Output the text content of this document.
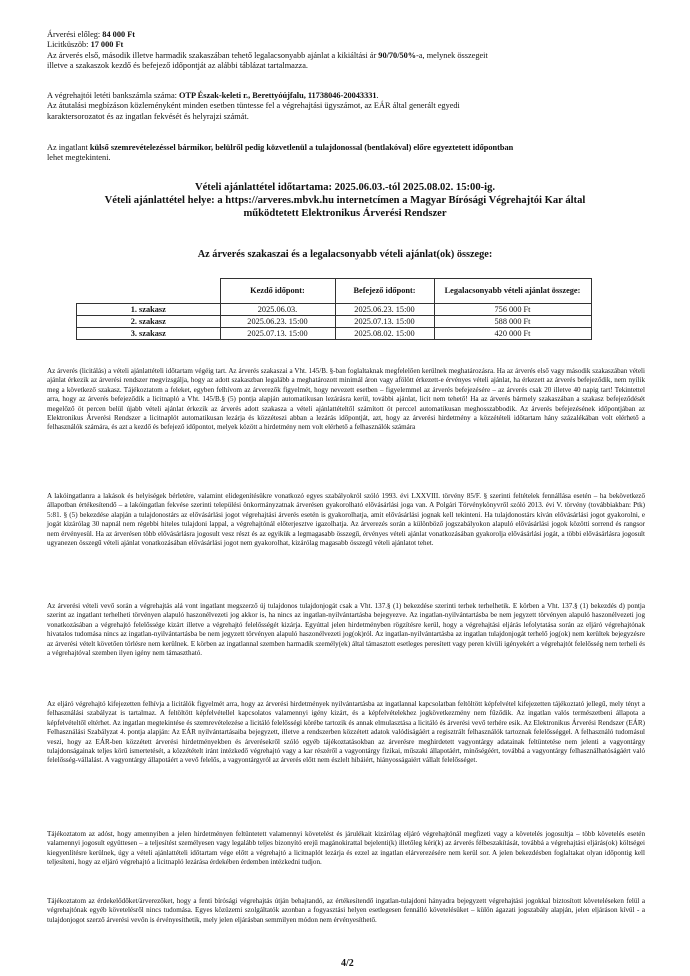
Árverési előleg: 84 000 Ft
Licitküszöb: 17 000 Ft
Az árverés első, második illetve harmadik szakaszában tehető legalacsonyabb ajánlat a kikiáltási ár 90/70/50%-a, melynek összegeit
illetve a szakaszok kezdő és befejező időpontját az alábbi táblázat tartalmazza.
A végrehajtói letéti bankszámla száma: OTP Észak-keleti r., Berettyóújfalu, 11738046-20043331.
Az átutalási megbízáson közleményként minden esetben tüntesse fel a végrehajtási ügyszámot, az EÁR által generált egyedi
karaktersorozatot és az ingatlan fekvését és helyrajzi számát.
Az ingatlant külső szemrevételezéssel bármikor, belülről pedig közvetlenül a tulajdonossal (bentlakóval) előre egyeztetett időpontban
lehet megtekinteni.
Vételi ajánlattétel időtartama: 2025.06.03.-tól 2025.08.02. 15:00-ig.
Vételi ajánlattétel helye: a https://arveres.mbvk.hu internetcímen a Magyar Bírósági Végrehajtói Kar által
működtetett Elektronikus Árverési Rendszer
Az árverés szakaszai és a legalacsonyabb vételi ajánlat(ok) összege:
	Kezdő időpont:	Befejező időpont:	Legalacsonyabb vételi ajánlat összege:
1. szakasz	2025.06.03.	2025.06.23. 15:00	756 000 Ft
2. szakasz	2025.06.23. 15:00	2025.07.13. 15:00	588 000 Ft
3. szakasz	2025.07.13. 15:00	2025.08.02. 15:00	420 000 Ft

Az árverés (licitálás) a vételi ajánlattételi időtartam végéig tart. Az árverés szakaszai a Vht. 145/B. §-ban foglaltaknak megfelelően kerülnek meghatározásra. Ha az árverés első vagy második szakaszában vételi ajánlat érkezik az árverési rendszer megvizsgálja, hogy az adott szakaszban legalább a meghatározott minimál áron vagy afölött érkezett-e érvényes vételi ajánlat, ha érkezett az árverés befejeződik, nem nyílik meg a következő szakasz. Tájékoztatom a feleket, egyben felhívom az árverezők figyelmét, hogy nevezett esetben – figyelemmel az árverés befejezésére – az árverés csak 20 illetve 40 napig tart! Tekintettel arra, hogy az árverés befejeződik a licitnapló a Vht. 145/B.§ (5) pontja alapján automatikusan lezárásra kerül, további ajánlat, licit nem tehető! Ha az árverés bármely szakaszában a szakasz befejeződését megelőző öt percen belül újabb vételi ajánlat érkezik az árverés adott szakasza a vételi ajánlattételtől számított öt perccel automatikusan meghosszabbodik. Az árverés befejezésének időpontjában az Elektronikus Árverési Rendszer a licitnaplót automatikusan lezárja és közzéteszi abban a lezárás időpontját, azt, hogy az árverési hirdetmény a közzétételi időtartam hány százalékában volt elérhető a felhasználók számára, és azt a kezdő és befejező időpontot, melyek között a hirdetmény nem volt elérhető a felhasználók számára

A lakóingatlanra a lakások és helyiségek bérletére, valamint elidegenítésükre vonatkozó egyes szabályokról szóló 1993. évi LXXVIII. törvény 85/F. § szerinti feltételek fennállása esetén – ha bekövetkező állapotban értékesítendő – a lakóingatlan fekvése szerinti települési önkormányzatnak árverésen gyakorolható elővásárlási joga van. A Polgári Törvénykönyvről szóló 2013. évi V. törvény (továbbiakban: Ptk) 5:81. § (5) bekezdése alapján a tulajdonostárs az elővásárlási jogot végrehajtási árverés esetén is gyakorolhatja, amit elővásárlási jognak kell tekinteni. Ha tulajdonostárs kíván elővásárlási jogot gyakorolni, e jogát kizárólag 30 napnál nem régebbi hiteles tulajdoni lappal, a végrehajtónál előterjesztve igazolhatja. Az árverezés során a különböző jogszabályokon alapuló elővásárlási jogok közötti sorrend és rangsor nem érvényesül. Ha az árverésen több elővásárlásra jogosult vesz részt és az egyikük a legmagasabb összegű, érvényes vételi ajánlat vonatkozásában gyakorolja elővásárlási jogát, a többi elővásárlásra jogosult ugyanezen összegű vételi ajánlat vonatkozásában elővásárlási jogot nem gyakorolhat, kizárólag magasabb összegű vételi ajánlatot tehet.

Az árverési vételi vevő során a végrehajtás alá vont ingatlant megszerző új tulajdonos tulajdonjogát csak a Vht. 137.§ (1) bekezdése szerinti terhek terhelhetik. E körben a Vht. 137.§ (1) bekezdés d) pontja szerint az ingatlant terhelheti törvényen alapuló haszonélvezeti jog akkor is, ha nincs az ingatlan-nyilvántartásba bejegyezve. Az ingatlan-nyilvántartásba be nem jegyzett törvényen alapuló haszonélvezeti jog vonatkozásában a végrehajtó felelőssége kizárt illetve a végrehajtó felelősségét kizárja. Egyúttal jelen hirdetményben rögzítésre kerül, hogy a végrehajtási eljárás lefolytatása során az eljáró végrehajtónak hivatalos tudomása nincs az ingatlan-nyilvántartásba be nem jegyzett törvényen alapuló haszonélvezeti jog(ok)ról. Az ingatlan-nyilvántartásba az ingatlan tulajdonjogát terhelő jog(ok) nem kerültek bejegyzésre az árverési vételt követően törlésre nem kerülnek. E körben az ingatlannal szemben harmadik személy(ek) által támasztott esetleges peresített vagy peren kívüli igényekért a végrehajtót felelősség nem terheli és a végrehajtóval szemben ilyen igény nem támasztható.

Az eljáró végrehajtó kifejezetten felhívja a licitálók figyelmét arra, hogy az árverési hirdetmények nyilvántartásba az ingatlannal kapcsolatban feltöltött képfelvétel kifejezetten tájékoztató jellegű, mely tényt a felhasználási szabályzat is tartalmaz. A feltöltött képfelvétellel kapcsolatos valamennyi igény kizárt, és a képfelvételekhez jogkövetkezmény nem fűződik. Az ingatlan valós természetbeni állapota a képfelvételtől eltérhet. Az ingatlan megtekintése és szemrevételezése a licitáló felelősségi körébe tartozik és annak elmulasztása a licitáló és árverési vevő terhére esik. Az Elektronikus Árverési Rendszer (EÁR) Felhasználási Szabályzat 4. pontja alapján: Az EÁR nyilvántartásaiba bejegyzett, illetve a rendszerben közzétett adatok valódiságáért a regisztrált felhasználók tartoznak felelősséggel. A felhasználó tudomásul veszi, hogy az EÁR-ben közzétett árverési hirdetményekben és árverésekről szóló egyéb tájékoztatásokban az árverésre meghirdetett vagyontárgy adatainak feltüntetése nem jelenti a vagyontárgy tulajdonságainak teljes körű ismertetését, a közzétételt iránt intézkedő végrehajtó vagy a kar részéről a vagyontárgy fizikai, műszaki állapotáért, minőségéért, továbbá a vagyontárgy felhasználhatóságáért való felelősség-vállalást. A vagyontárgy állapotáért a vevő felelős, a vagyontárgyról az árverés előtt nem észlelt hibáiért, hiányosságaiért vállalt felelősséget.

Tájékoztatom az adóst, hogy amennyiben a jelen hirdetményen feltüntetett valamennyi követelést és járulékait kizárólag eljáró végrehajtónál megfizeti vagy a követelés jogosultja – több követelés esetén valamennyi jogosult együttesen – a teljesítést személyesen vagy legalább teljes bizonyító erejű magánokirattal bejelenti(k) illetőleg kéri(k) az árverés félbeszakítását, továbbá a végrehajtási eljárás(ok) költségei kiegyenlítésre kerülnek, úgy a vételi ajánlattételi időtartam vége előtt a végrehajtó a licitnaplót lezárja és ezzel az ingatlan elárverezésére nem kerül sor. A jelen bekezdésben foglaltakat olyan időpontig kell teljesíteni, hogy az eljáró végrehajtó a licitnapló lezárása érdekében érdemben intézkedni tudjon.

Tájékoztatom az érdekelődőket/árverezőket, hogy a fenti bírósági végrehajtás útján behajtandó, az értékesítendő ingatlan-tulajdoni hányadra bejegyzett végrehajtási jogokkal biztosított követeléseken felül a végrehajtónak egyéb követelésről nincs tudomása. Egyes közüzemi szolgáltatók azonban a fogyasztási helyen esetlegesen fennálló követelésüket – külön ágazati jogszabály alapján, jelen eljáráson kívül - a tulajdonjogot szerző árverési vevőn is érvényesíthetik, mely jelen eljárásban semmilyen módon nem érvényesíthető.

4/2
